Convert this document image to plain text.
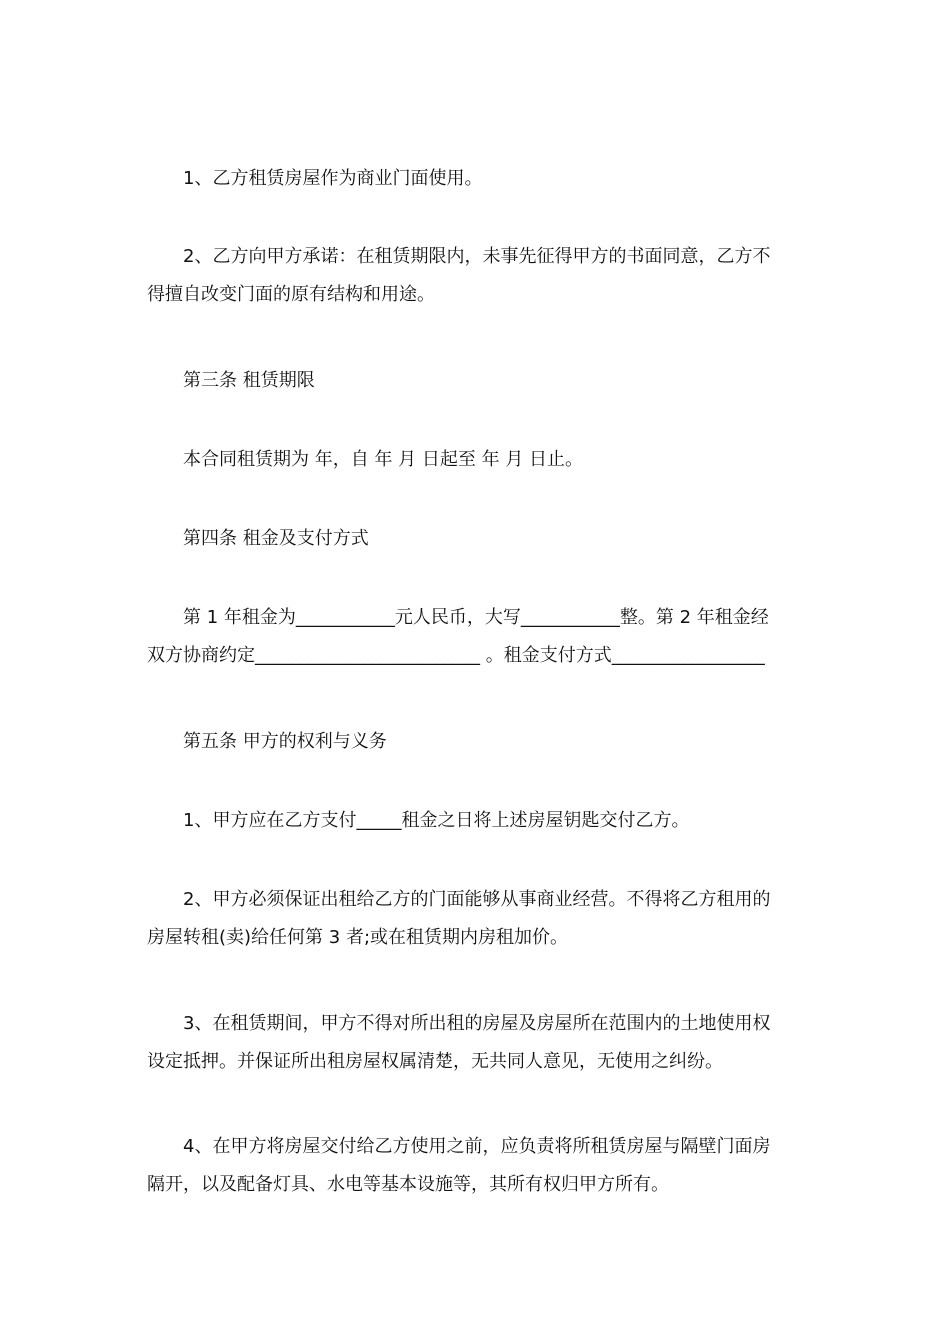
1、乙方租赁房屋作为商业门面使用。

2、乙方向甲方承诺：在租赁期限内，未事先征得甲方的书面同意，乙方不
得擅自改变门面的原有结构和用途。

第三条 租赁期限

本合同租赁期为 年，自 年 月 日起至 年 月 日止。

第四条 租金及支付方式

第 1 年租金为___________元人民币，大写___________整。第 2 年租金经
双方协商约定_________________________ 。租金支付方式_________________

第五条 甲方的权利与义务

1、甲方应在乙方支付_____租金之日将上述房屋钥匙交付乙方。

2、甲方必须保证出租给乙方的门面能够从事商业经营。不得将乙方租用的
房屋转租(卖)给任何第 3 者;或在租赁期内房租加价。

3、在租赁期间，甲方不得对所出租的房屋及房屋所在范围内的土地使用权
设定抵押。并保证所出租房屋权属清楚，无共同人意见，无使用之纠纷。

4、在甲方将房屋交付给乙方使用之前，应负责将所租赁房屋与隔壁门面房
隔开，以及配备灯具、水电等基本设施等，其所有权归甲方所有。
